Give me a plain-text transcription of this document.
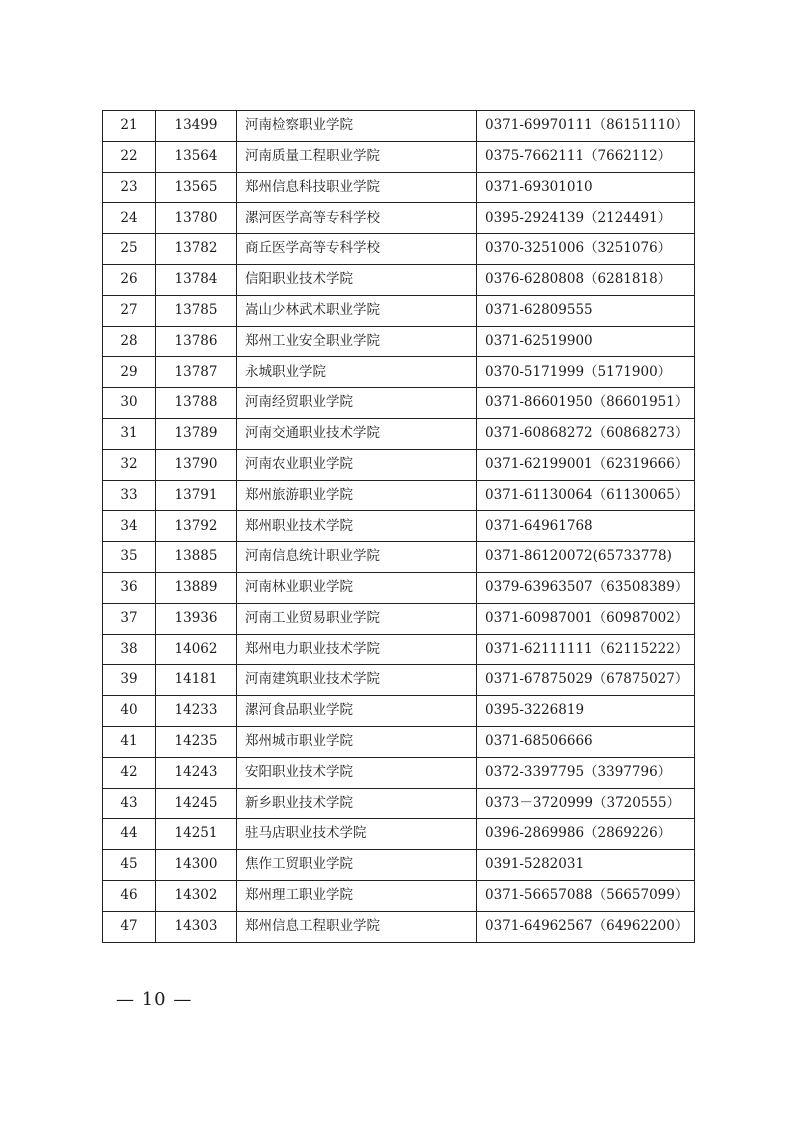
21	13499	河南检察职业学院	0371-69970111（86151110）
22	13564	河南质量工程职业学院	0375-7662111（7662112）
23	13565	郑州信息科技职业学院	0371-69301010
24	13780	漯河医学高等专科学校	0395-2924139（2124491）
25	13782	商丘医学高等专科学校	0370-3251006（3251076）
26	13784	信阳职业技术学院	0376-6280808（6281818）
27	13785	嵩山少林武术职业学院	0371-62809555
28	13786	郑州工业安全职业学院	0371-62519900
29	13787	永城职业学院	0370-5171999（5171900）
30	13788	河南经贸职业学院	0371-86601950（86601951）
31	13789	河南交通职业技术学院	0371-60868272（60868273）
32	13790	河南农业职业学院	0371-62199001（62319666）
33	13791	郑州旅游职业学院	0371-61130064（61130065）
34	13792	郑州职业技术学院	0371-64961768
35	13885	河南信息统计职业学院	0371-86120072(65733778)
36	13889	河南林业职业学院	0379-63963507（63508389）
37	13936	河南工业贸易职业学院	0371-60987001（60987002）
38	14062	郑州电力职业技术学院	0371-62111111（62115222）
39	14181	河南建筑职业技术学院	0371-67875029（67875027）
40	14233	漯河食品职业学院	0395-3226819
41	14235	郑州城市职业学院	0371-68506666
42	14243	安阳职业技术学院	0372-3397795（3397796）
43	14245	新乡职业技术学院	0373－3720999（3720555）
44	14251	驻马店职业技术学院	0396-2869986（2869226）
45	14300	焦作工贸职业学院	0391-5282031
46	14302	郑州理工职业学院	0371-56657088（56657099）
47	14303	郑州信息工程职业学院	0371-64962567（64962200）
— 10 —
